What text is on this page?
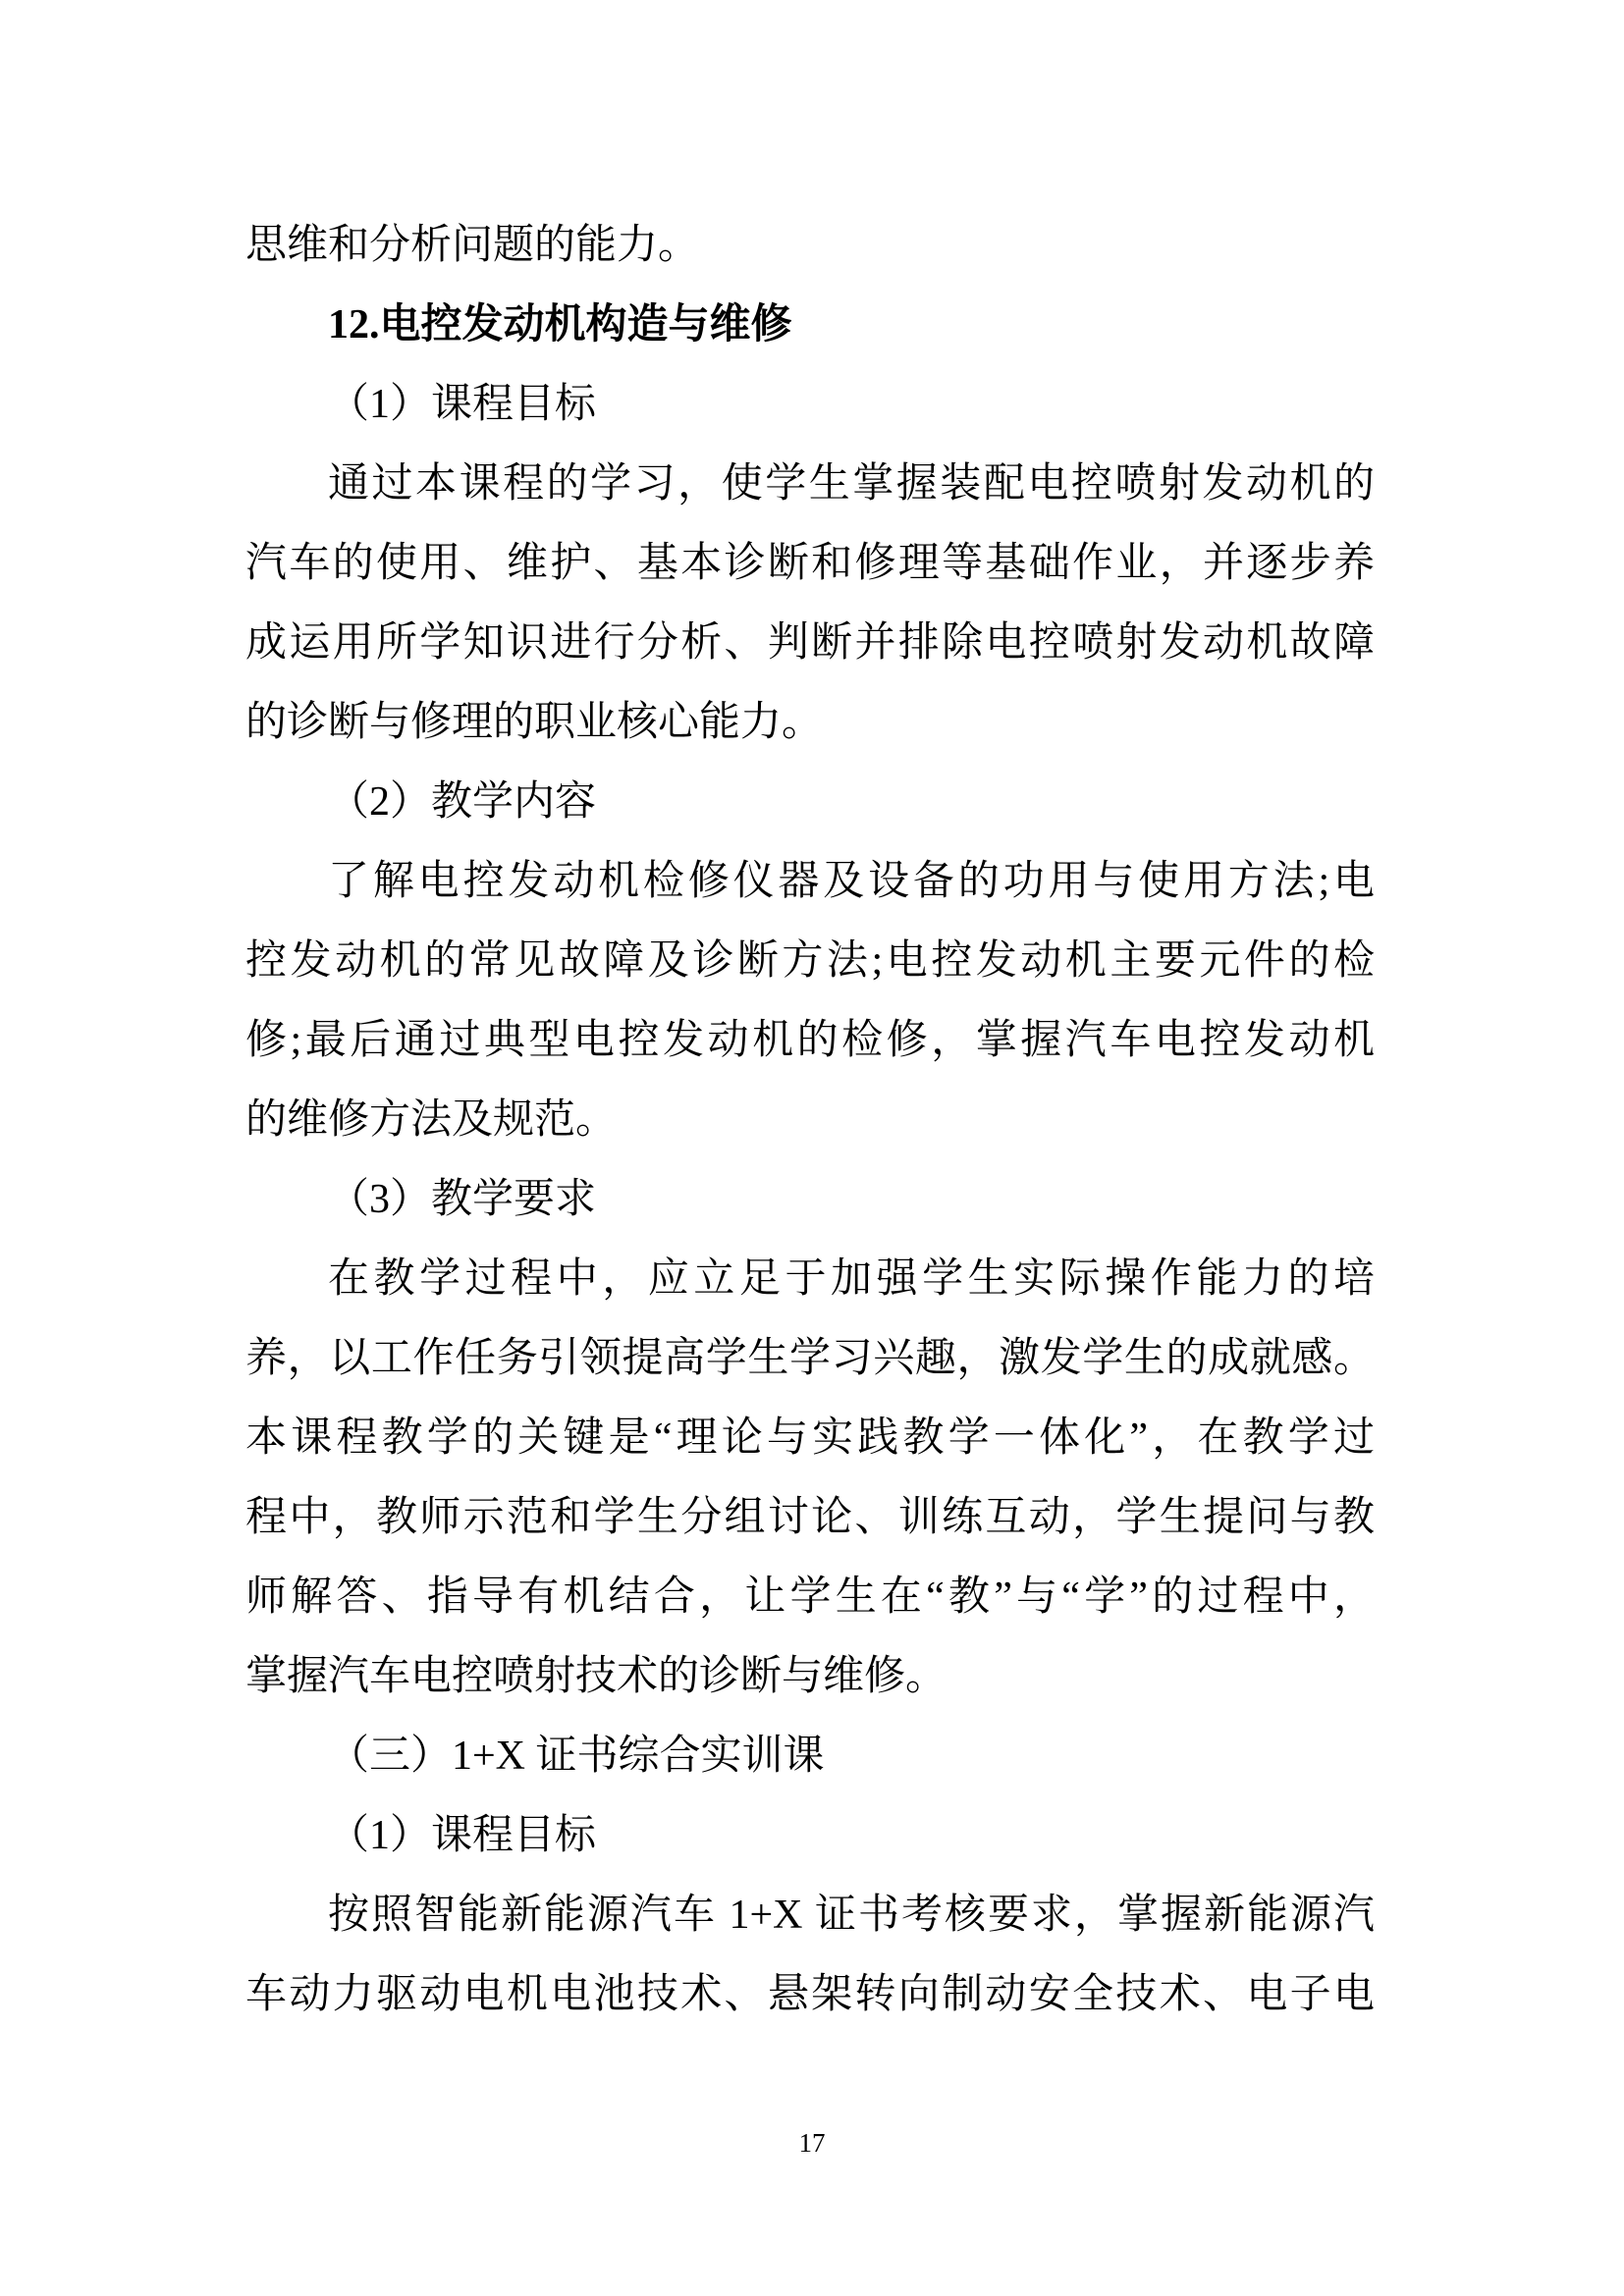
思维和分析问题的能力。
12.电控发动机构造与维修
（1）课程目标
通过本课程的学习，使学生掌握装配电控喷射发动机的
汽车的使用、维护、基本诊断和修理等基础作业，并逐步养
成运用所学知识进行分析、判断并排除电控喷射发动机故障
的诊断与修理的职业核心能力。
（2）教学内容
了解电控发动机检修仪器及设备的功用与使用方法;电
控发动机的常见故障及诊断方法;电控发动机主要元件的检
修;最后通过典型电控发动机的检修，掌握汽车电控发动机
的维修方法及规范。
（3）教学要求
在教学过程中，应立足于加强学生实际操作能力的培
养，以工作任务引领提高学生学习兴趣，激发学生的成就感。
本课程教学的关键是“理论与实践教学一体化”，在教学过
程中，教师示范和学生分组讨论、训练互动，学生提问与教
师解答、指导有机结合，让学生在“教”与“学”的过程中，
掌握汽车电控喷射技术的诊断与维修。
（三）1+X 证书综合实训课
（1）课程目标
按照智能新能源汽车 1+X 证书考核要求，掌握新能源汽
车动力驱动电机电池技术、悬架转向制动安全技术、电子电
17
